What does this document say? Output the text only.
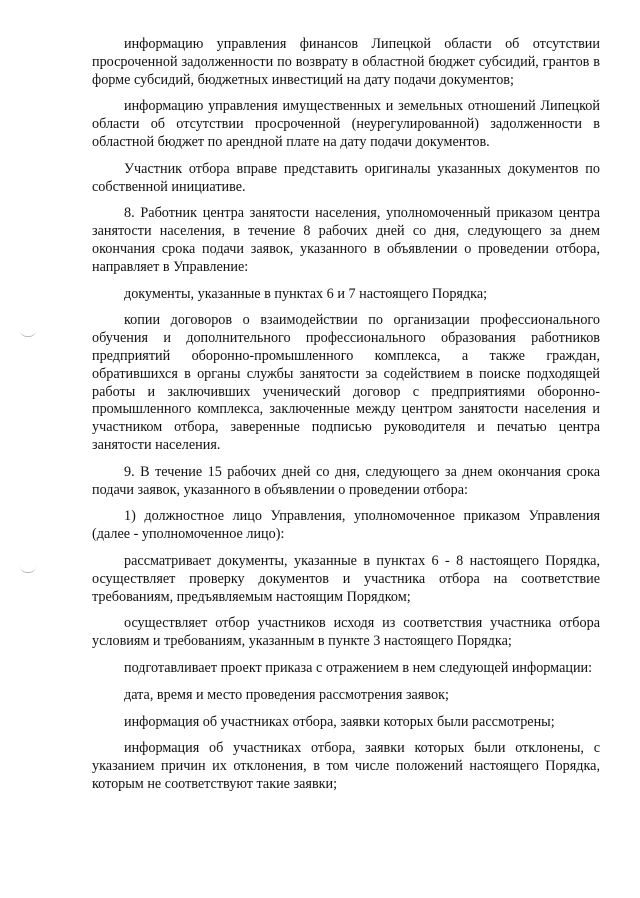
информацию управления финансов Липецкой области об отсутствии просроченной задолженности по возврату в областной бюджет субсидий, грантов в форме субсидий, бюджетных инвестиций на дату подачи документов;

информацию управления имущественных и земельных отношений Липецкой области об отсутствии просроченной (неурегулированной) задолженности в областной бюджет по арендной плате на дату подачи документов.

Участник отбора вправе представить оригиналы указанных документов по собственной инициативе.

8. Работник центра занятости населения, уполномоченный приказом центра занятости населения, в течение 8 рабочих дней со дня, следующего за днем окончания срока подачи заявок, указанного в объявлении о проведении отбора, направляет в Управление:

документы, указанные в пунктах 6 и 7 настоящего Порядка;

копии договоров о взаимодействии по организации профессионального обучения и дополнительного профессионального образования работников предприятий оборонно-промышленного комплекса, а также граждан, обратившихся в органы службы занятости за содействием в поиске подходящей работы и заключивших ученический договор с предприятиями оборонно-промышленного комплекса, заключенные между центром занятости населения и участником отбора, заверенные подписью руководителя и печатью центра занятости населения.

9. В течение 15 рабочих дней со дня, следующего за днем окончания срока подачи заявок, указанного в объявлении о проведении отбора:

1) должностное лицо Управления, уполномоченное приказом Управления (далее - уполномоченное лицо):

рассматривает документы, указанные в пунктах 6 - 8 настоящего Порядка, осуществляет проверку документов и участника отбора на соответствие требованиям, предъявляемым настоящим Порядком;

осуществляет отбор участников исходя из соответствия участника отбора условиям и требованиям, указанным в пункте 3 настоящего Порядка;

подготавливает проект приказа с отражением в нем следующей информации:

дата, время и место проведения рассмотрения заявок;

информация об участниках отбора, заявки которых были рассмотрены;

информация об участниках отбора, заявки которых были отклонены, с указанием причин их отклонения, в том числе положений настоящего Порядка, которым не соответствуют такие заявки;
